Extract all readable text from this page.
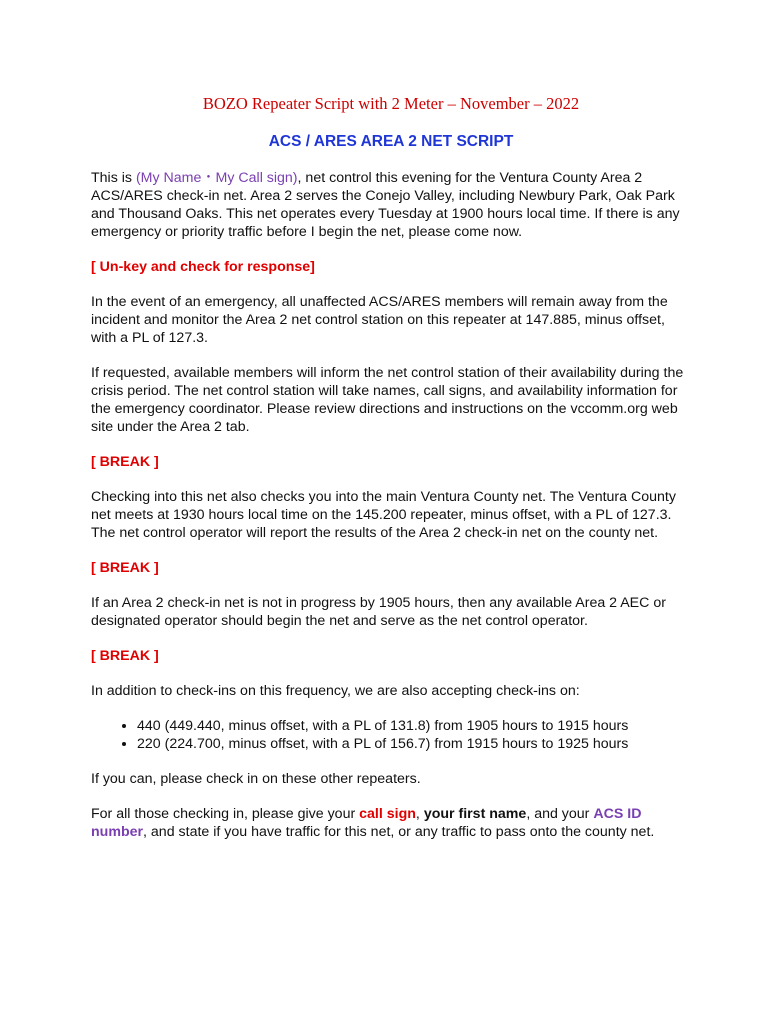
BOZO Repeater Script with 2 Meter – November – 2022
ACS / ARES AREA 2 NET SCRIPT

This is (My Name・My Call sign), net control this evening for the Ventura County Area 2 ACS/ARES check-in net. Area 2 serves the Conejo Valley, including Newbury Park, Oak Park and Thousand Oaks. This net operates every Tuesday at 1900 hours local time. If there is any emergency or priority traffic before I begin the net, please come now.

[ Un-key and check for response]

In the event of an emergency, all unaffected ACS/ARES members will remain away from the incident and monitor the Area 2 net control station on this repeater at 147.885, minus offset, with a PL of 127.3.

If requested, available members will inform the net control station of their availability during the crisis period. The net control station will take names, call signs, and availability information for the emergency coordinator. Please review directions and instructions on the vccomm.org web site under the Area 2 tab.

[ BREAK ]

Checking into this net also checks you into the main Ventura County net. The Ventura County net meets at 1930 hours local time on the 145.200 repeater, minus offset, with a PL of 127.3. The net control operator will report the results of the Area 2 check-in net on the county net.

[ BREAK ]

If an Area 2 check-in net is not in progress by 1905 hours, then any available Area 2 AEC or designated operator should begin the net and serve as the net control operator.

[ BREAK ]

In addition to check-ins on this frequency, we are also accepting check-ins on:

• 440 (449.440, minus offset, with a PL of 131.8) from 1905 hours to 1915 hours
• 220 (224.700, minus offset, with a PL of 156.7) from 1915 hours to 1925 hours

If you can, please check in on these other repeaters.

For all those checking in, please give your call sign, your first name, and your ACS ID number, and state if you have traffic for this net, or any traffic to pass onto the county net.
